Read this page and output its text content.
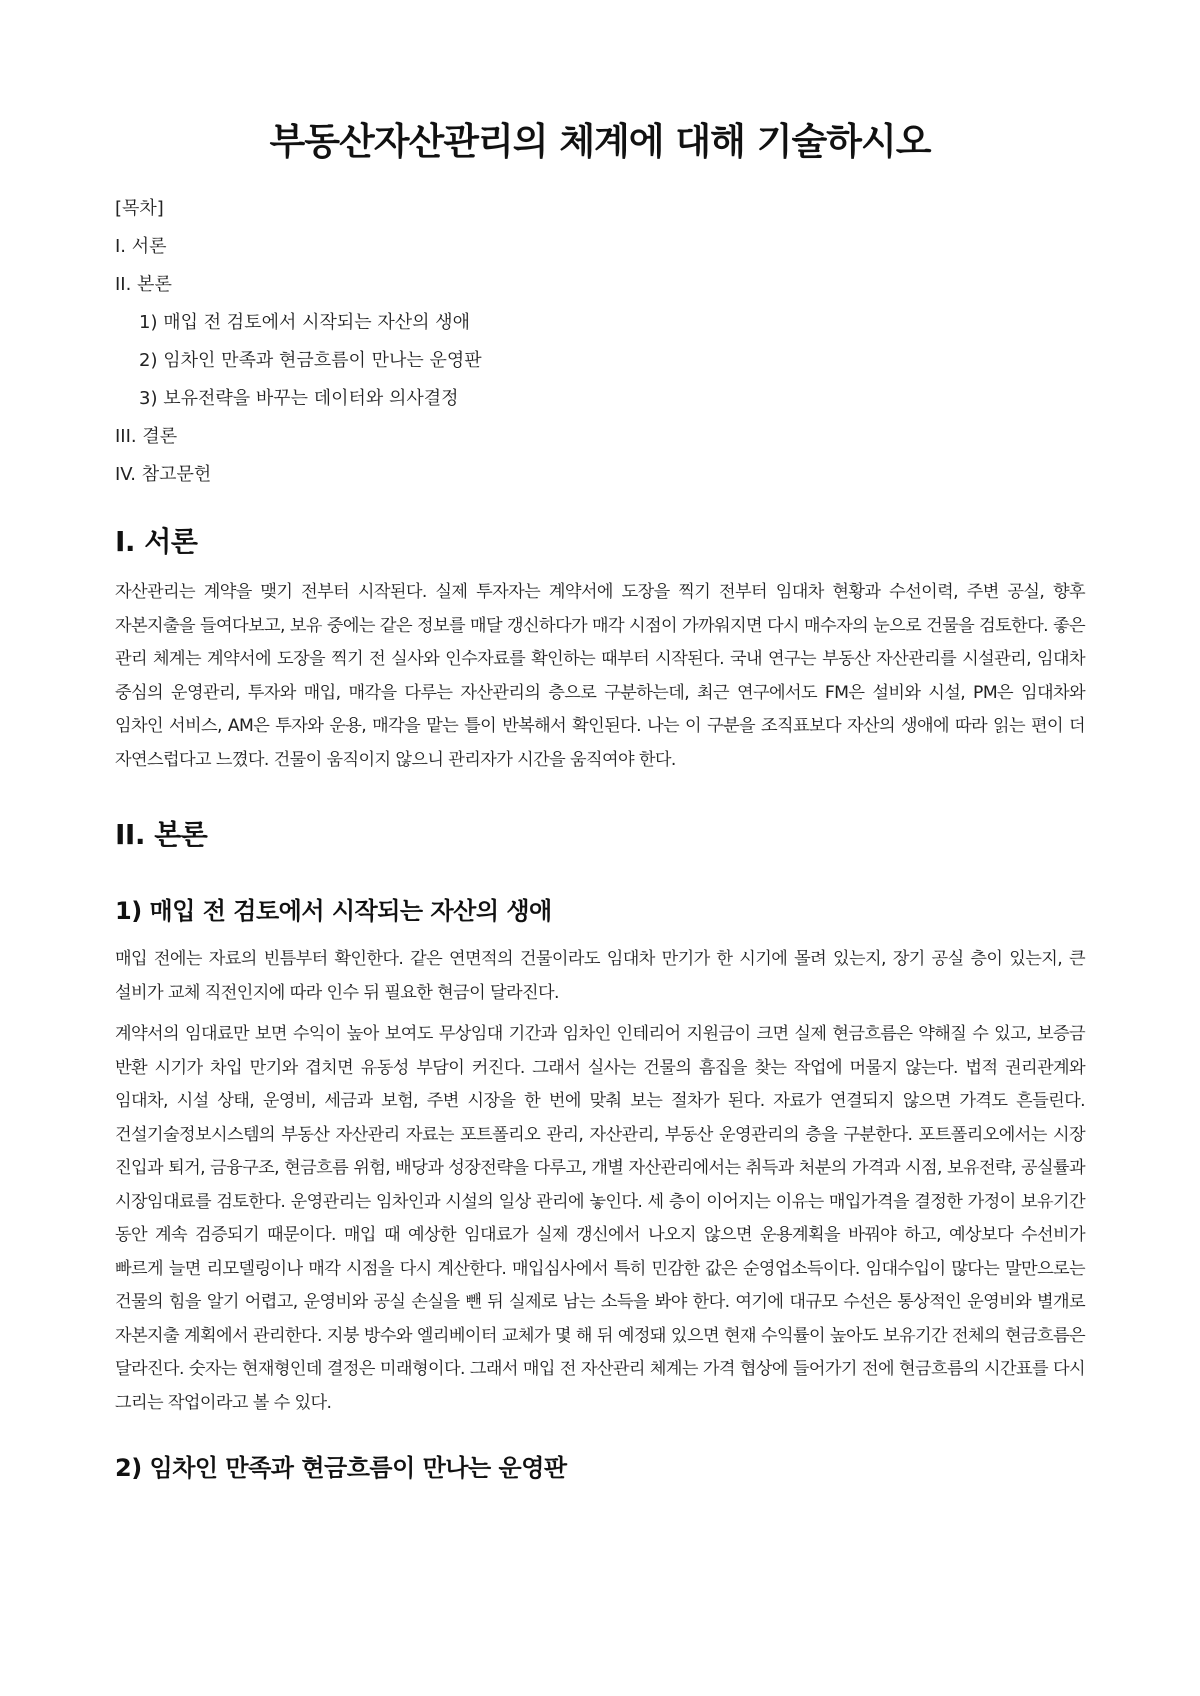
부동산자산관리의 체계에 대해 기술하시오
[목차]
I. 서론
II. 본론
1) 매입 전 검토에서 시작되는 자산의 생애
2) 임차인 만족과 현금흐름이 만나는 운영판
3) 보유전략을 바꾸는 데이터와 의사결정
III. 결론
IV. 참고문헌
I. 서론

자산관리는 계약을 맺기 전부터 시작된다. 실제 투자자는 계약서에 도장을 찍기 전부터 임대차 현황과 수선이력, 주변 공실, 향후 자본지출을 들여다보고, 보유 중에는 같은 정보를 매달 갱신하다가 매각 시점이 가까워지면 다시 매수자의 눈으로 건물을 검토한다. 좋은 관리 체계는 계약서에 도장을 찍기 전 실사와 인수자료를 확인하는 때부터 시작된다. 국내 연구는 부동산 자산관리를 시설관리, 임대차 중심의 운영관리, 투자와 매입, 매각을 다루는 자산관리의 층으로 구분하는데, 최근 연구에서도 FM은 설비와 시설, PM은 임대차와 임차인 서비스, AM은 투자와 운용, 매각을 맡는 틀이 반복해서 확인된다. 나는 이 구분을 조직표보다 자산의 생애에 따라 읽는 편이 더 자연스럽다고 느꼈다. 건물이 움직이지 않으니 관리자가 시간을 움직여야 한다.

II. 본론
1) 매입 전 검토에서 시작되는 자산의 생애

매입 전에는 자료의 빈틈부터 확인한다. 같은 연면적의 건물이라도 임대차 만기가 한 시기에 몰려 있는지, 장기 공실 층이 있는지, 큰 설비가 교체 직전인지에 따라 인수 뒤 필요한 현금이 달라진다.

계약서의 임대료만 보면 수익이 높아 보여도 무상임대 기간과 임차인 인테리어 지원금이 크면 실제 현금흐름은 약해질 수 있고, 보증금 반환 시기가 차입 만기와 겹치면 유동성 부담이 커진다. 그래서 실사는 건물의 흠집을 찾는 작업에 머물지 않는다. 법적 권리관계와 임대차, 시설 상태, 운영비, 세금과 보험, 주변 시장을 한 번에 맞춰 보는 절차가 된다. 자료가 연결되지 않으면 가격도 흔들린다. 건설기술정보시스템의 부동산 자산관리 자료는 포트폴리오 관리, 자산관리, 부동산 운영관리의 층을 구분한다. 포트폴리오에서는 시장 진입과 퇴거, 금융구조, 현금흐름 위험, 배당과 성장전략을 다루고, 개별 자산관리에서는 취득과 처분의 가격과 시점, 보유전략, 공실률과 시장임대료를 검토한다. 운영관리는 임차인과 시설의 일상 관리에 놓인다. 세 층이 이어지는 이유는 매입가격을 결정한 가정이 보유기간 동안 계속 검증되기 때문이다. 매입 때 예상한 임대료가 실제 갱신에서 나오지 않으면 운용계획을 바꿔야 하고, 예상보다 수선비가 빠르게 늘면 리모델링이나 매각 시점을 다시 계산한다. 매입심사에서 특히 민감한 값은 순영업소득이다. 임대수입이 많다는 말만으로는 건물의 힘을 알기 어렵고, 운영비와 공실 손실을 뺀 뒤 실제로 남는 소득을 봐야 한다. 여기에 대규모 수선은 통상적인 운영비와 별개로 자본지출 계획에서 관리한다. 지붕 방수와 엘리베이터 교체가 몇 해 뒤 예정돼 있으면 현재 수익률이 높아도 보유기간 전체의 현금흐름은 달라진다. 숫자는 현재형인데 결정은 미래형이다. 그래서 매입 전 자산관리 체계는 가격 협상에 들어가기 전에 현금흐름의 시간표를 다시 그리는 작업이라고 볼 수 있다.

2) 임차인 만족과 현금흐름이 만나는 운영판
